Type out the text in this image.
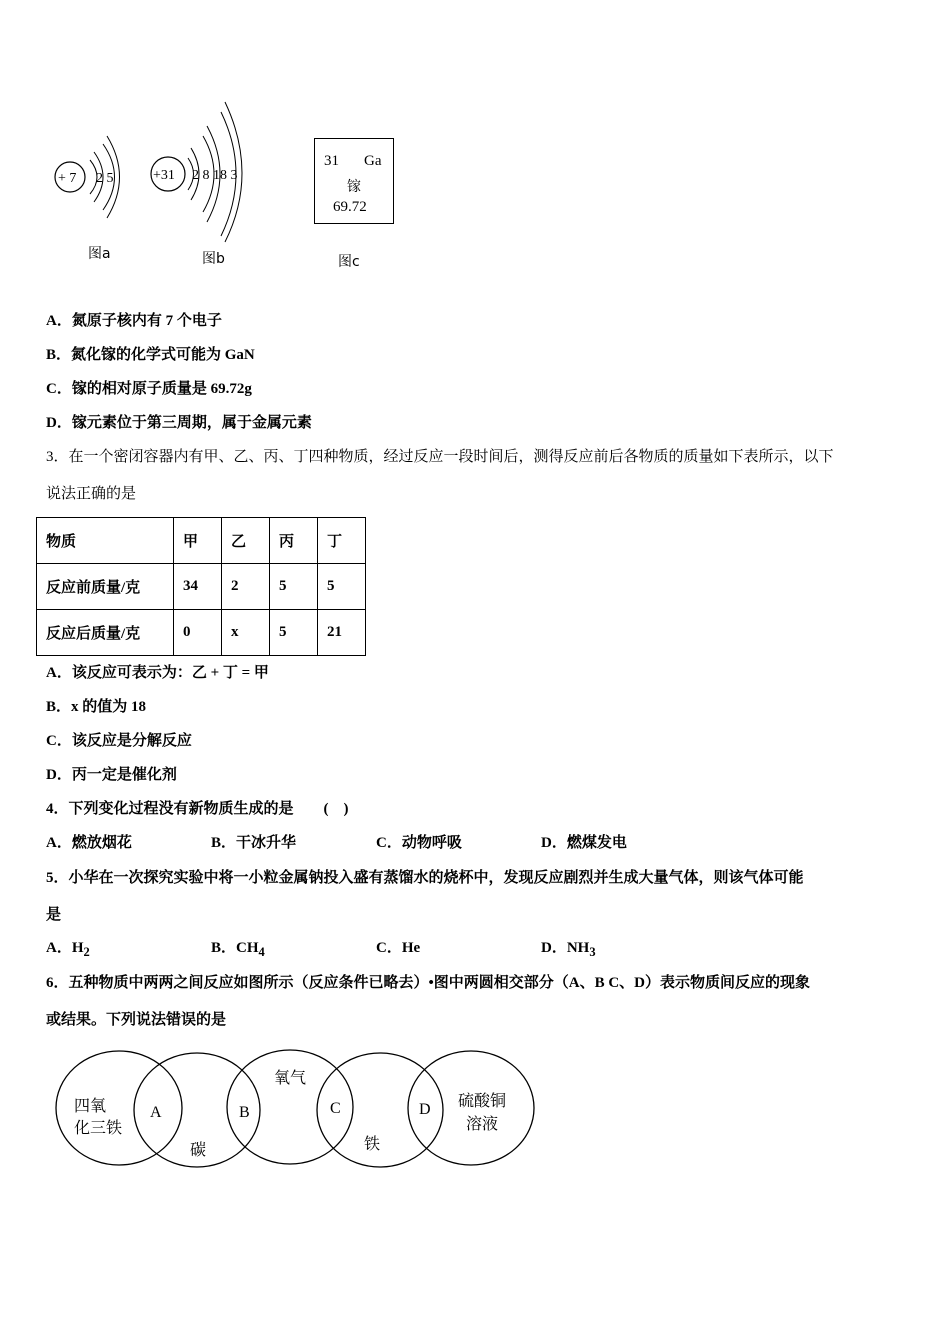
+ 7 2 5
图a
+31 2 8 18 3
图b
31 Ga
镓
69.72
图c
A．氮原子核内有 7 个电子
B．氮化镓的化学式可能为 GaN
C．镓的相对原子质量是 69.72g
D．镓元素位于第三周期，属于金属元素
3．在一个密闭容器内有甲、乙、丙、丁四种物质，经过反应一段时间后，测得反应前后各物质的质量如下表所示，以下
说法正确的是
物质	甲	乙	丙	丁
反应前质量/克	34	2	5	5
反应后质量/克	0	x	5	21
A．该反应可表示为：乙 + 丁 = 甲
B．x 的值为 18
C．该反应是分解反应
D．丙一定是催化剂
4．下列变化过程没有新物质生成的是　　(　)
A．燃放烟花	B．干冰升华	C．动物呼吸	D．燃煤发电
5．小华在一次探究实验中将一小粒金属钠投入盛有蒸馏水的烧杯中，发现反应剧烈并生成大量气体，则该气体可能
是
A．$H_2$	B．$CH_4$	C．He	D．$NH_3$
6．五种物质中两两之间反应如图所示（反应条件已略去）•图中两圆相交部分（A、B C、D）表示物质间反应的现象
或结果。下列说法错误的是
四氧
化三铁
碳
氧气
铁
硫酸铜
溶液
A	B	C	D
